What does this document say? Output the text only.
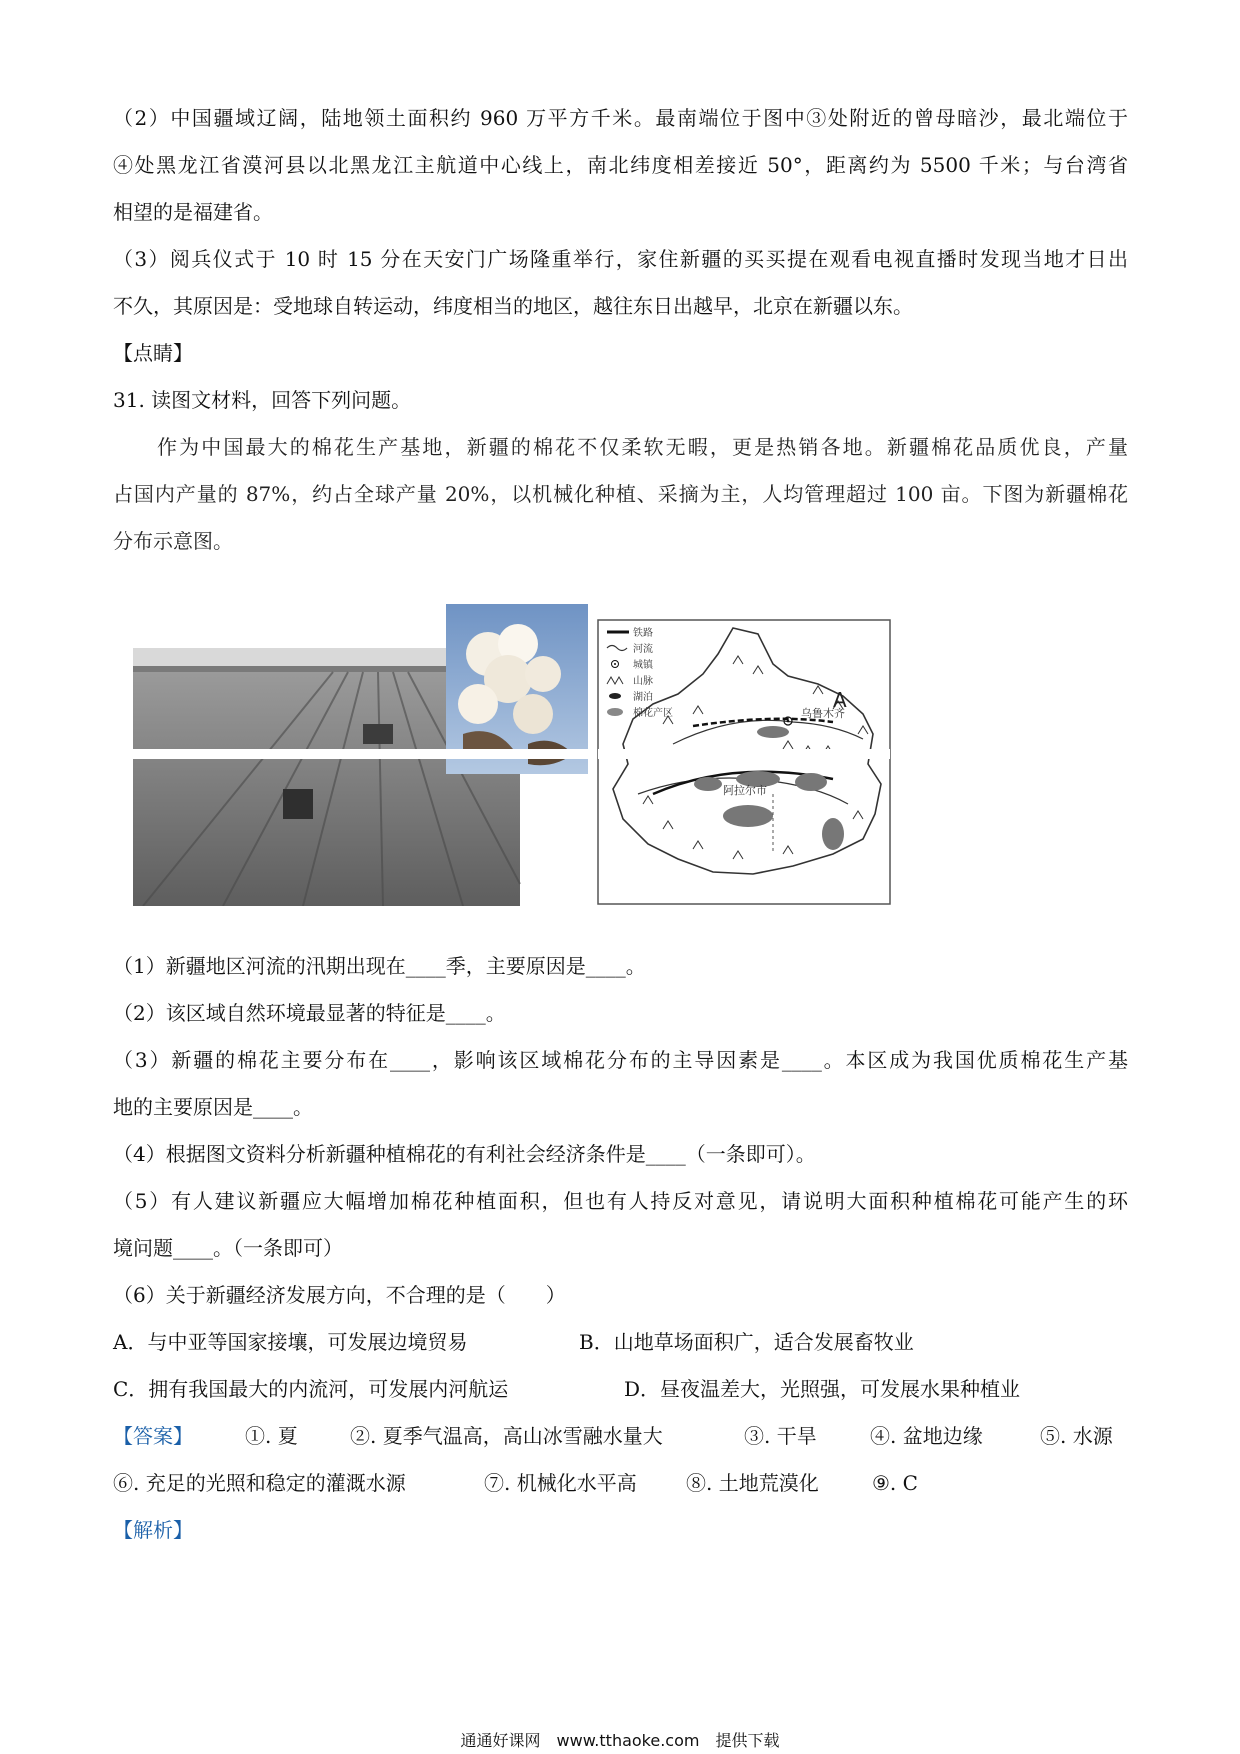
（2）中国疆域辽阔，陆地领土面积约 960 万平方千米。最南端位于图中③处附近的曾母暗沙，最北端位于
④处黑龙江省漠河县以北黑龙江主航道中心线上，南北纬度相差接近 50°，距离约为 5500 千米；与台湾省
相望的是福建省。
（3）阅兵仪式于 10 时 15 分在天安门广场隆重举行，家住新疆的买买提在观看电视直播时发现当地才日出
不久，其原因是：受地球自转运动，纬度相当的地区，越往东日出越早，北京在新疆以东。
【点睛】
31. 读图文材料，回答下列问题。
作为中国最大的棉花生产基地，新疆的棉花不仅柔软无暇，更是热销各地。新疆棉花品质优良，产量
占国内产量的 87%，约占全球产量 20%，以机械化种植、采摘为主，人均管理超过 100 亩。下图为新疆棉花
分布示意图。
乌鲁木齐
A
阿拉尔市
铁路
河流
城镇
山脉
湖泊
棉花产区
（1）新疆地区河流的汛期出现在____季，主要原因是____。
（2）该区域自然环境最显著的特征是____。
（3）新疆的棉花主要分布在____，影响该区域棉花分布的主导因素是____。本区成为我国优质棉花生产基
地的主要原因是____。
（4）根据图文资料分析新疆种植棉花的有利社会经济条件是____（一条即可）。
（5）有人建议新疆应大幅增加棉花种植面积，但也有人持反对意见，请说明大面积种植棉花可能产生的环
境问题____。（一条即可）
（6）关于新疆经济发展方向，不合理的是（　　）
A．与中亚等国家接壤，可发展边境贸易	B．山地草场面积广，适合发展畜牧业
C．拥有我国最大的内流河，可发展内河航运	D．昼夜温差大，光照强，可发展水果种植业
【答案】	①. 夏	②. 夏季气温高，高山冰雪融水量大	③. 干旱	④. 盆地边缘	⑤. 水源
⑥. 充足的光照和稳定的灌溉水源	⑦. 机械化水平高 ⑧. 土地荒漠化	⑨. C
【解析】
通通好课网　www.tthaoke.com　提供下载
